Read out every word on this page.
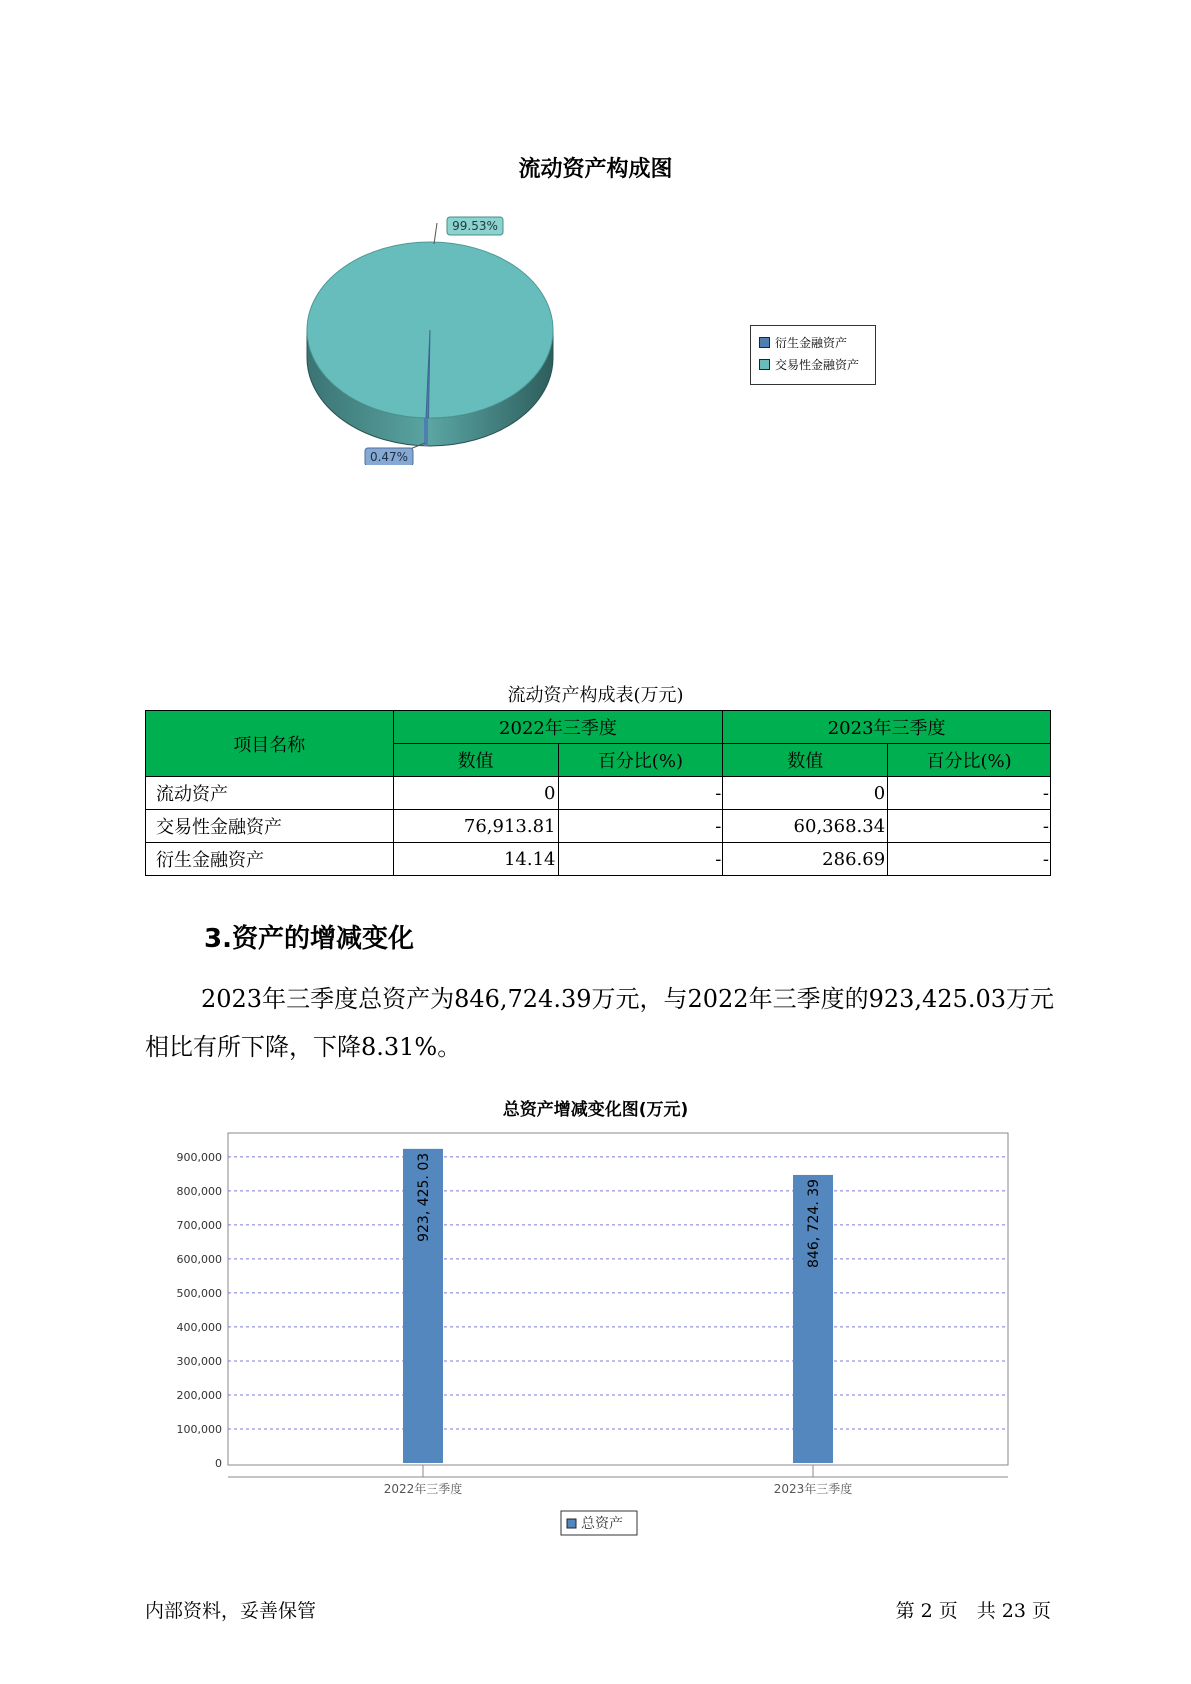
流动资产构成图
99.53%
0.47%
衍生金融资产
交易性金融资产
流动资产构成表(万元)
项目名称	2022年三季度		2023年三季度	
	数值	百分比(%)	数值	百分比(%)
流动资产	0	-	0	-
交易性金融资产	76,913.81	-	60,368.34	-
衍生金融资产	14.14	-	286.69	-
3.资产的增减变化
2023年三季度总资产为846,724.39万元，与2022年三季度的923,425.03万元相比有所下降，下降8.31%。
总资产增减变化图(万元)
0
100,000
200,000
300,000
400,000
500,000
600,000
700,000
800,000
900,000	923, 425. 03	846, 724. 39
2022年三季度	2023年三季度
总资产
内部资料，妥善保管	第 2 页　共 23 页
